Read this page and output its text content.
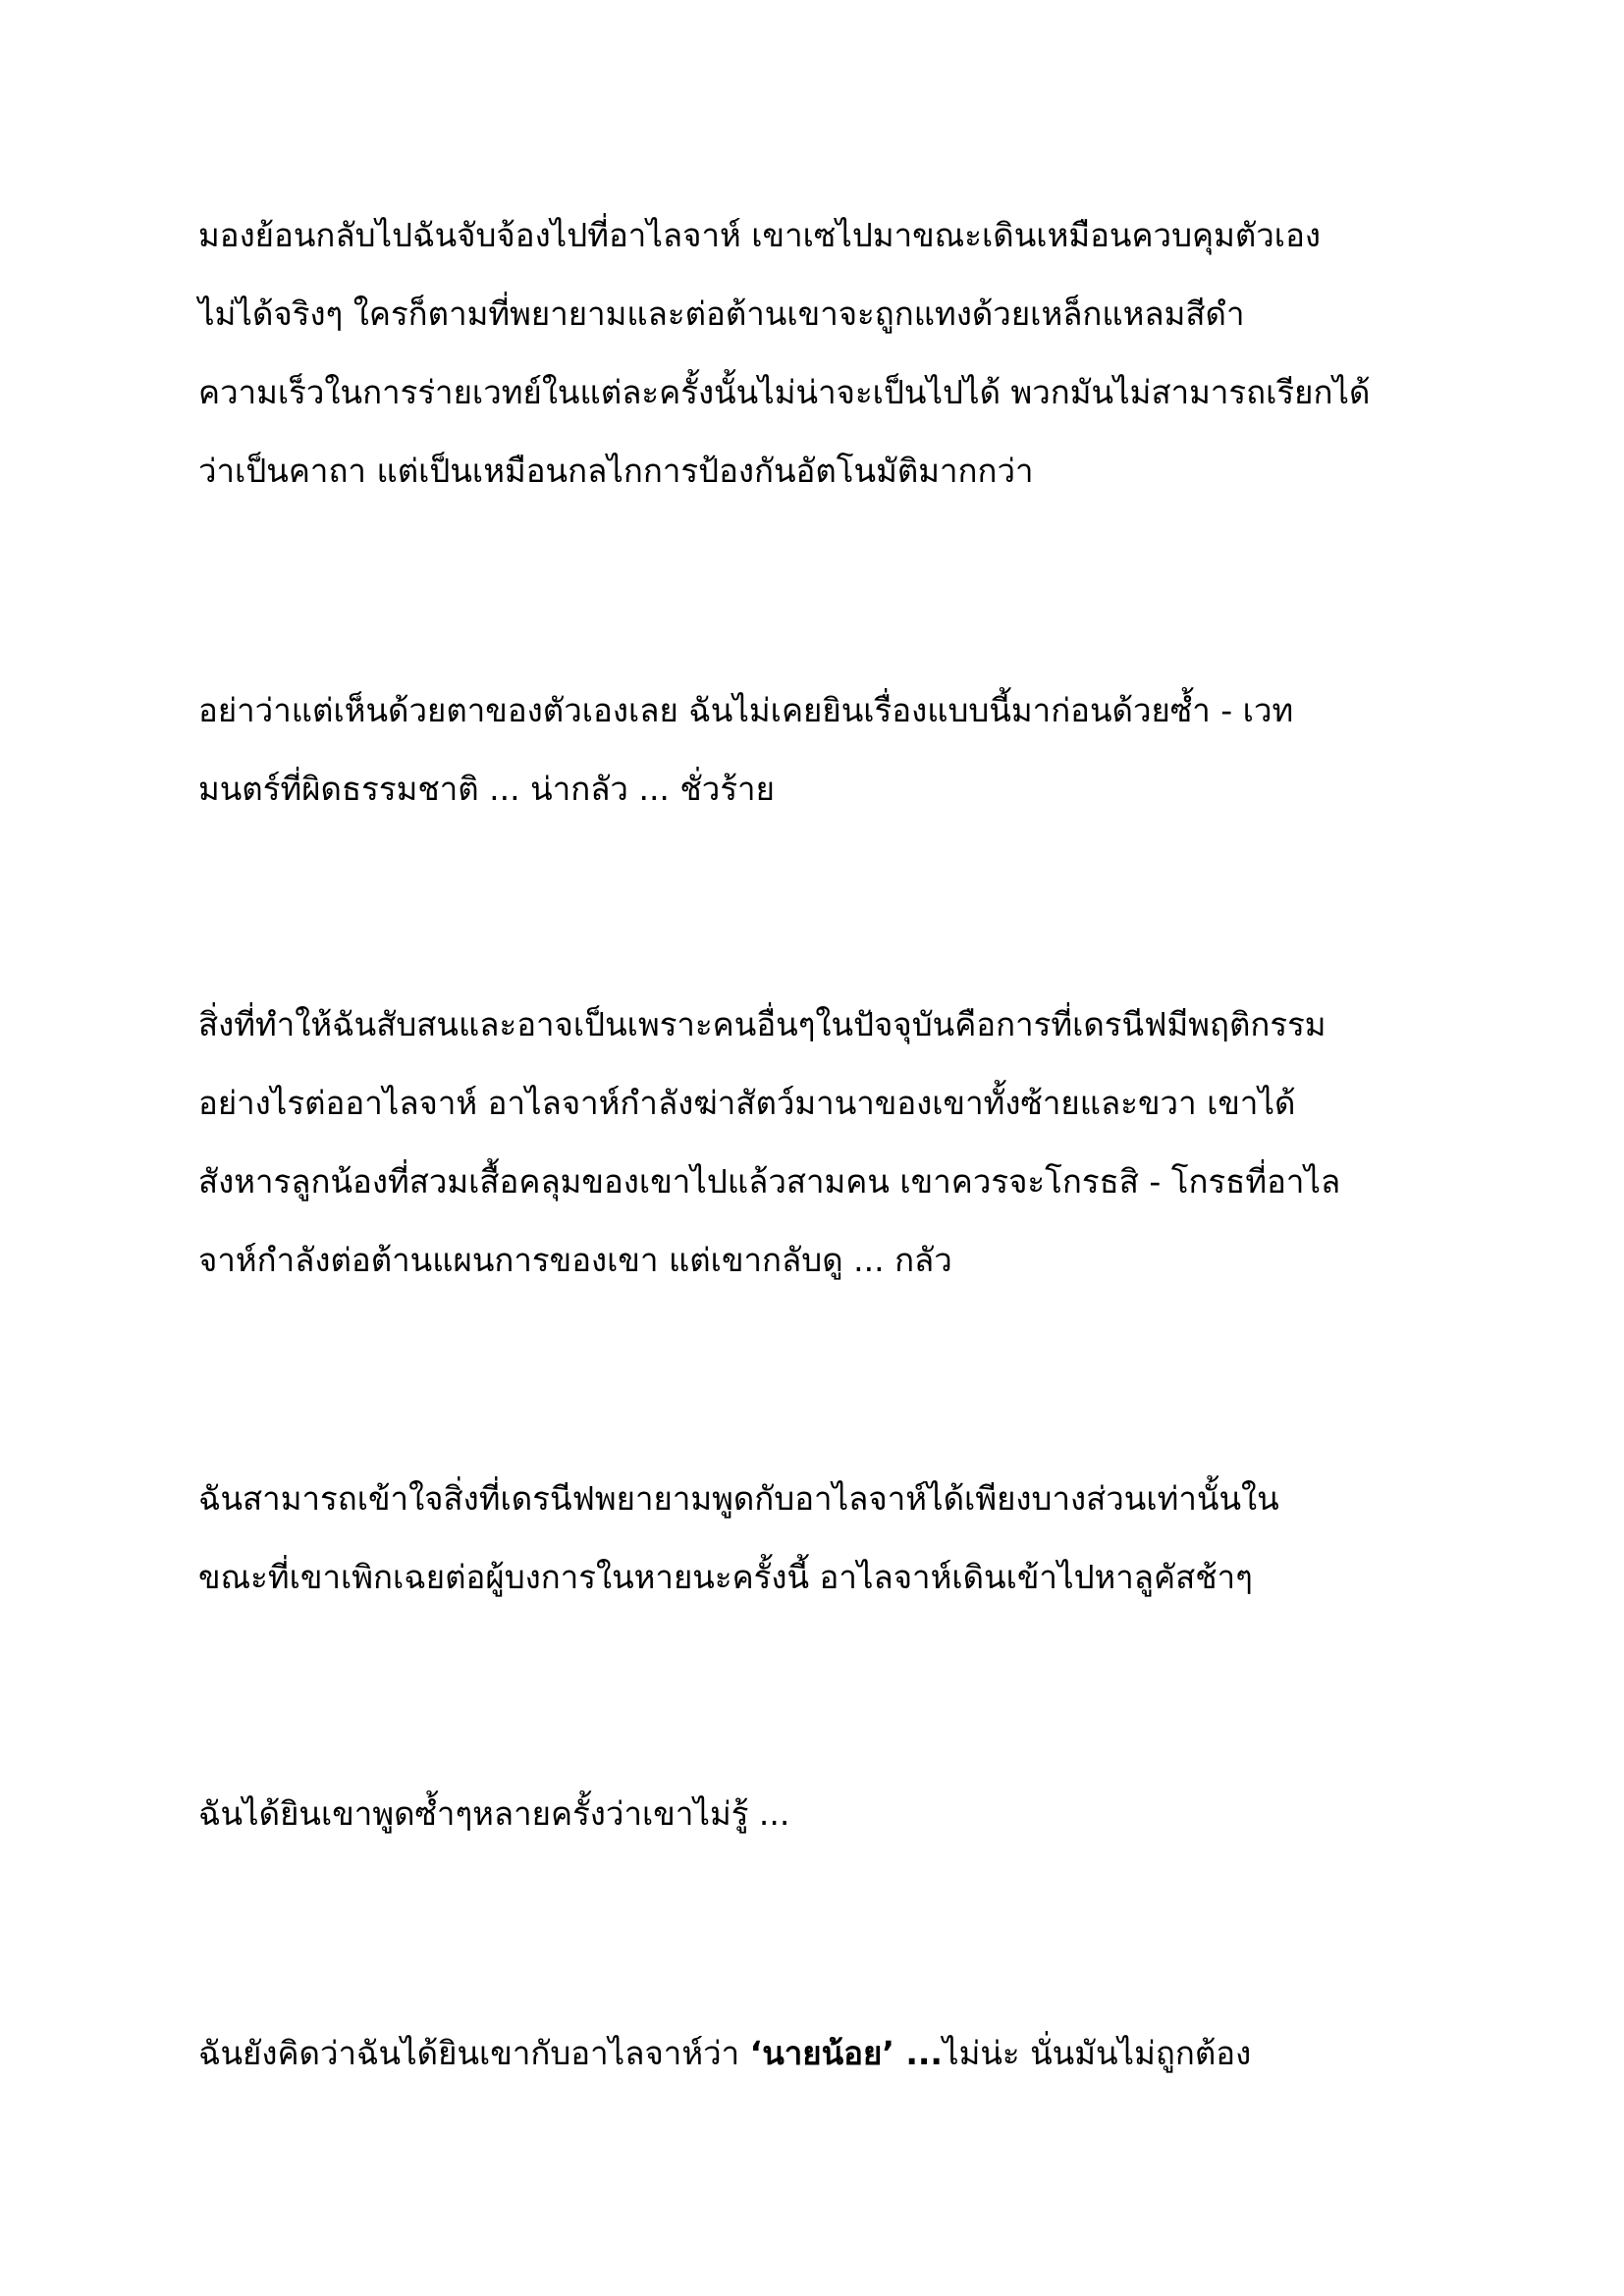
มองย้อนกลับไปฉันจับจ้องไปที่อาไลจาห์ เขาเซไปมาขณะเดินเหมือนควบคุมตัวเอง

ไม่ได้จริงๆ ใครก็ตามที่พยายามและต่อต้านเขาจะถูกแทงด้วยเหล็กแหลมสีดำ

ความเร็วในการร่ายเวทย์ในแต่ละครั้งนั้นไม่น่าจะเป็นไปได้ พวกมันไม่สามารถเรียกได้

ว่าเป็นคาถา แต่เป็นเหมือนกลไกการป้องกันอัตโนมัติมากกว่า

อย่าว่าแต่เห็นด้วยตาของตัวเองเลย ฉันไม่เคยยินเรื่องแบบนี้มาก่อนด้วยซ้ำ - เวท

มนตร์ที่ผิดธรรมชาติ ... น่ากลัว ... ชั่วร้าย

สิ่งที่ทำให้ฉันสับสนและอาจเป็นเพราะคนอื่นๆในปัจจุบันคือการที่เดรนีฟมีพฤติกรรม

อย่างไรต่ออาไลจาห์ อาไลจาห์กำลังฆ่าสัตว์มานาของเขาทั้งซ้ายและขวา เขาได้

สังหารลูกน้องที่สวมเสื้อคลุมของเขาไปแล้วสามคน เขาควรจะโกรธสิ - โกรธที่อาไล

จาห์กำลังต่อต้านแผนการของเขา แต่เขากลับดู ... กลัว

ฉันสามารถเข้าใจสิ่งที่เดรนีฟพยายามพูดกับอาไลจาห์ได้เพียงบางส่วนเท่านั้นใน

ขณะที่เขาเพิกเฉยต่อผู้บงการในหายนะครั้งนี้ อาไลจาห์เดินเข้าไปหาลูคัสช้าๆ

ฉันได้ยินเขาพูดซ้ำๆหลายครั้งว่าเขาไม่รู้ ...

ฉันยังคิดว่าฉันได้ยินเขากับอาไลจาห์ว่า ‘นายน้อย’ ...ไม่น่ะ นั่นมันไม่ถูกต้อง
